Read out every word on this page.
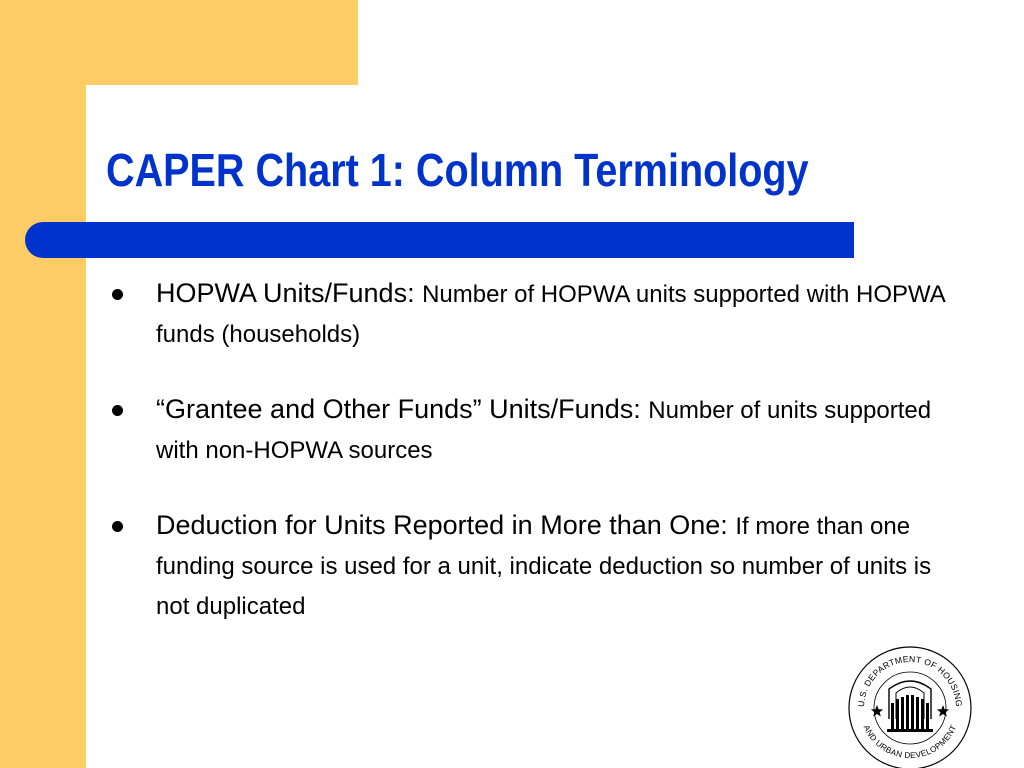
CAPER Chart 1: Column Terminology
HOPWA Units/Funds: Number of HOPWA units supported with HOPWA funds (households)
“Grantee and Other Funds” Units/Funds: Number of units supported with non-HOPWA sources
Deduction for Units Reported in More than One: If more than one funding source is used for a unit, indicate deduction so number of units is not duplicated
U.S. DEPARTMENT OF HOUSING
AND URBAN DEVELOPMENT
